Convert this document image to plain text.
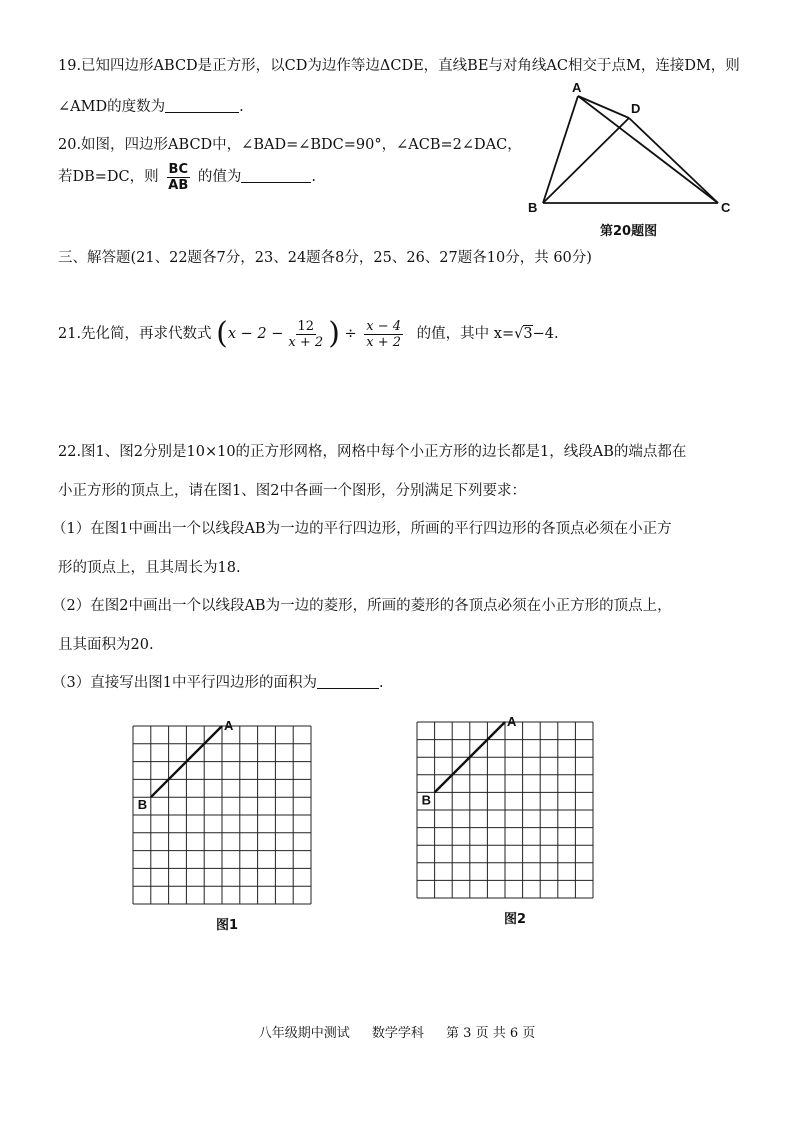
19.已知四边形ABCD是正方形，以CD为边作等边ΔCDE，直线BE与对角线AC相交于点M，连接DM，则
∠AMD的度数为	.
20.如图，四边形ABCD中，∠BAD=∠BDC=90°，∠ACB=2∠DAC，
若DB=DC，则 $\frac{BC}{AB}$ 的值为	.
A
D
B	C
第20题图
三、解答题(21、22题各7分，23、24题各8分，25、26、27题各10分，共 60分)
21.先化简，再求代数式 ($x - 2 - \frac{12}{x + 2}$ ) ÷ $\frac{x - 4}{x + 2}$ 的值，其中 x=√3−4.
22.图1、图2分别是10×10的正方形网格，网格中每个小正方形的边长都是1，线段AB的端点都在
小正方形的顶点上，请在图1、图2中各画一个图形，分别满足下列要求：
（1）在图1中画出一个以线段AB为一边的平行四边形，所画的平行四边形的各顶点必须在小正方
形的顶点上，且其周长为18.
（2）在图2中画出一个以线段AB为一边的菱形，所画的菱形的各顶点必须在小正方形的顶点上，
且其面积为20.
（3）直接写出图1中平行四边形的面积为	.
A
B
图1
A
B
图2
八年级期中测试 数学学科 第 3 页 共 6 页
